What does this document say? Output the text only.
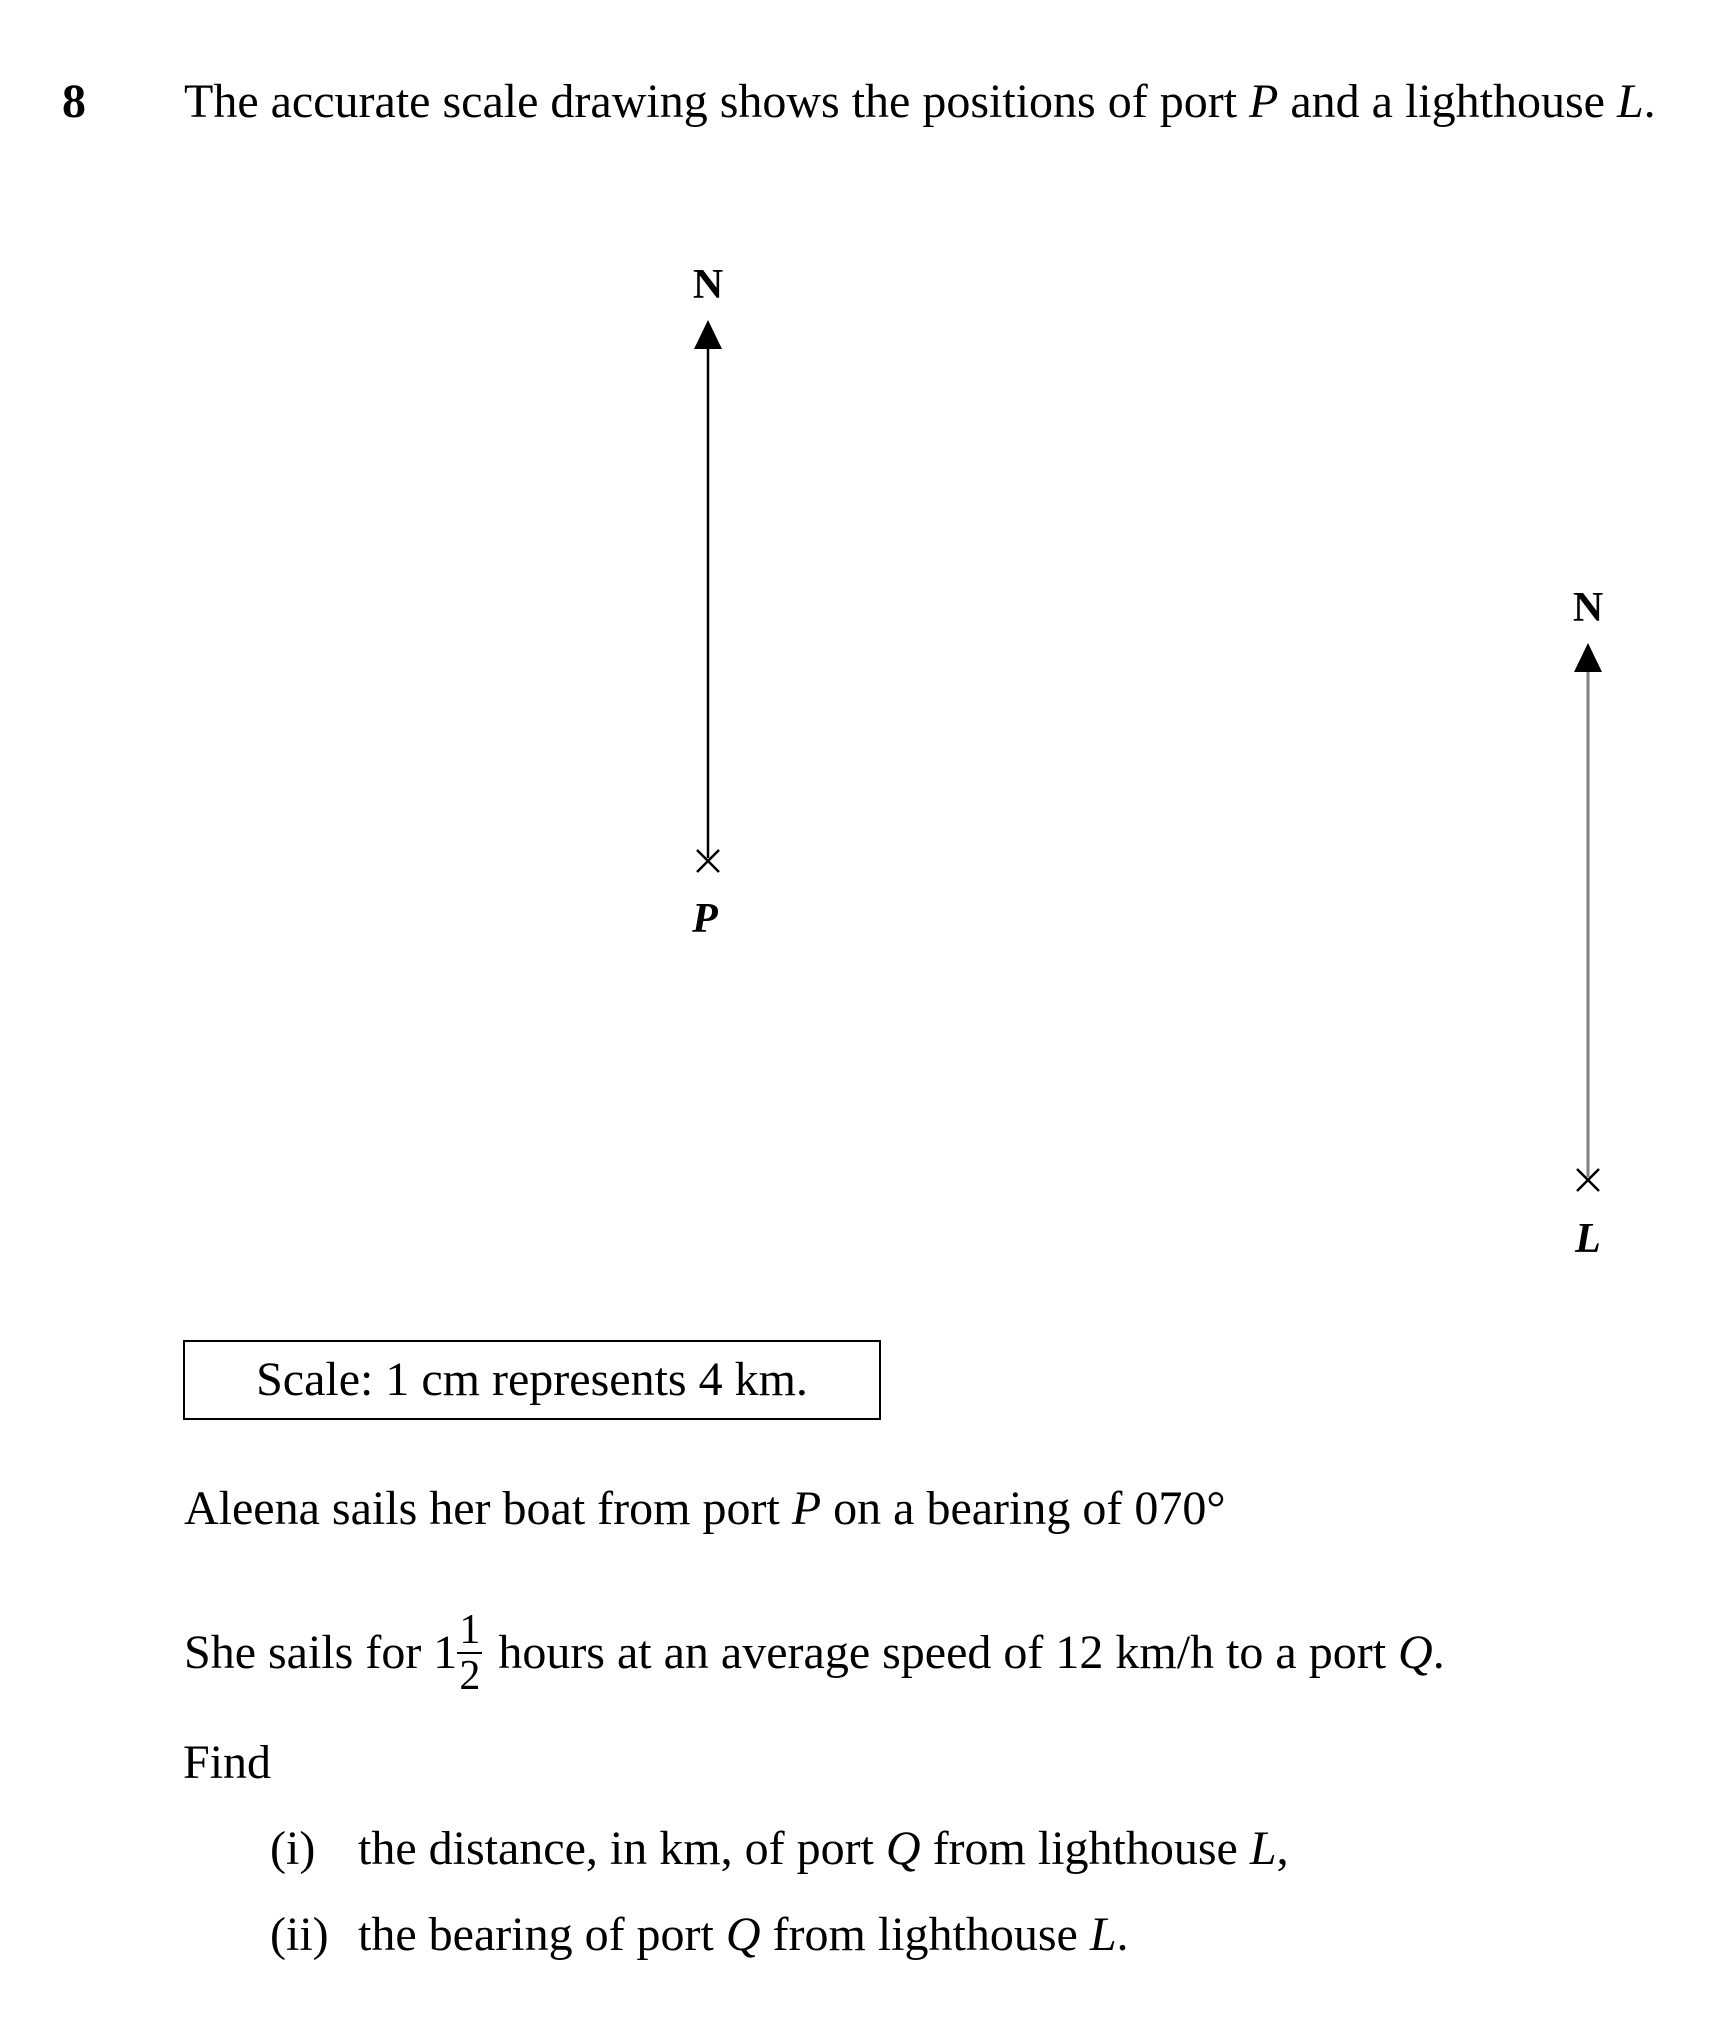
8 The accurate scale drawing shows the positions of port P and a lighthouse L.
N
P
N
L
Scale: 1 cm represents 4 km.
Aleena sails her boat from port P on a bearing of 070°
She sails for $1 \frac{1}{2}$ hours at an average speed of 12 km/h to a port Q.
Find
(i) the distance, in km, of port Q from lighthouse L,
(ii) the bearing of port Q from lighthouse L.
